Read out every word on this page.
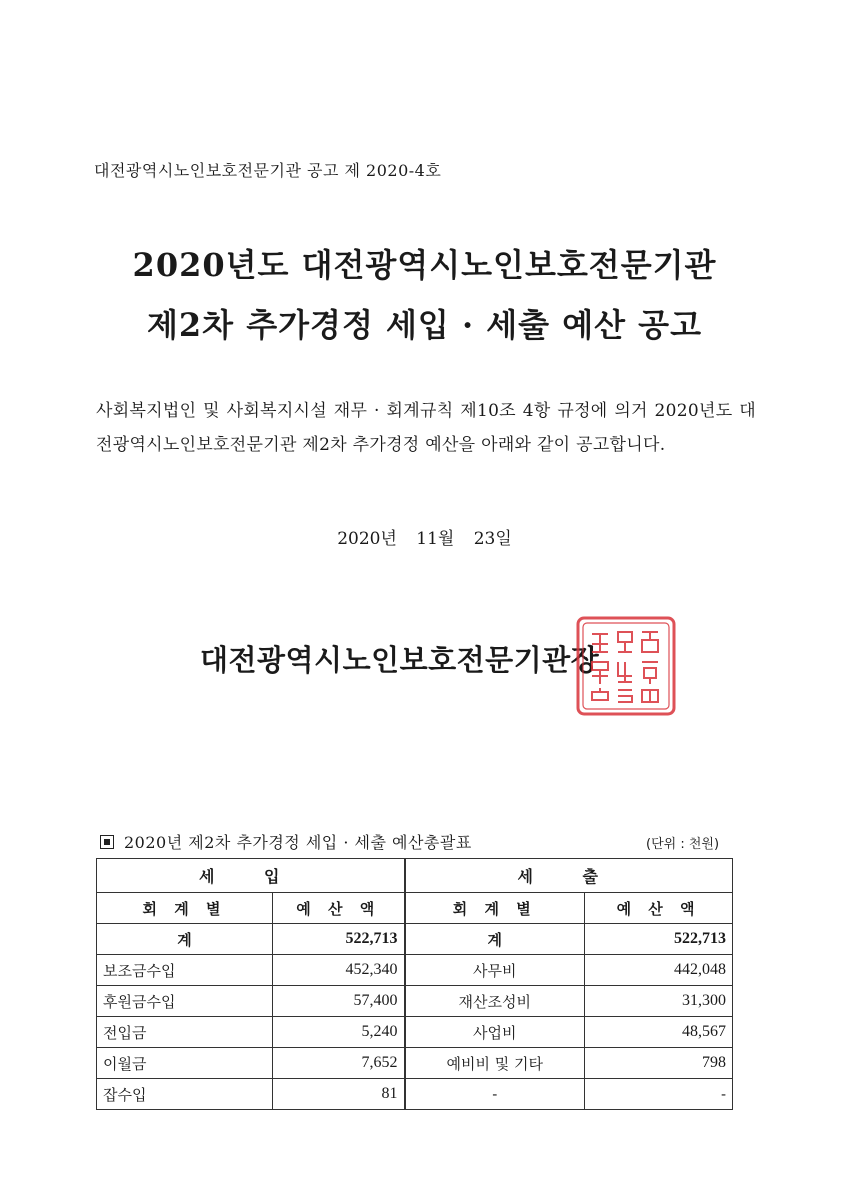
대전광역시노인보호전문기관 공고 제 2020-4호
2020년도 대전광역시노인보호전문기관
제2차 추가경정 세입 · 세출 예산 공고
사회복지법인 및 사회복지시설 재무 · 회계규칙 제10조 4항 규정에 의거 2020년도 대전광역시노인보호전문기관 제2차 추가경정 예산을 아래와 같이 공고합니다.
2020년 11월 23일
대전광역시노인보호전문기관장
2020년 제2차 추가경정 세입 · 세출 예산총괄표	(단위 : 천원)
세 입		세 출	
회 계 별	예 산 액	회 계 별	예 산 액
계	522,713	계	522,713
보조금수입	452,340	사무비	442,048
후원금수입	57,400	재산조성비	31,300
전입금	5,240	사업비	48,567
이월금	7,652	예비비 및 기타	798
잡수입	81	-	-
